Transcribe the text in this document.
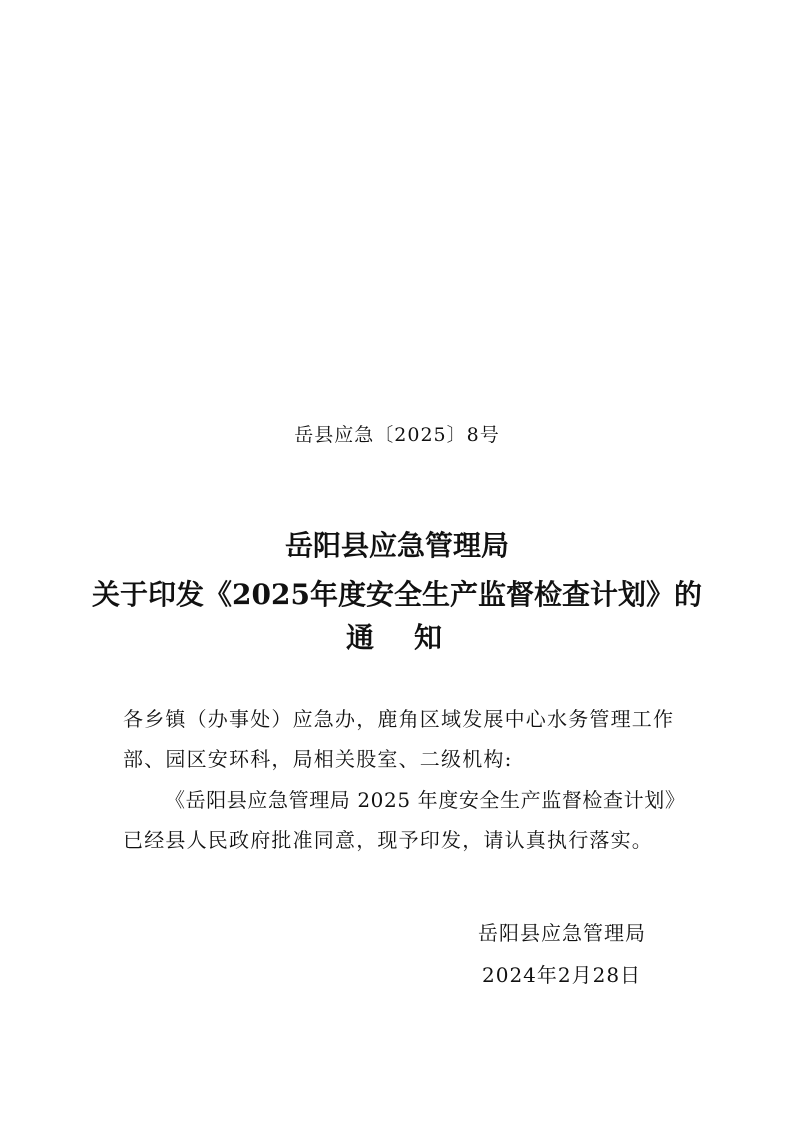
岳县应急〔2025〕8号
岳阳县应急管理局
关于印发《2025年度安全生产监督检查计划》的
通 知
各乡镇（办事处）应急办，鹿角区域发展中心水务管理工作
部、园区安环科，局相关股室、二级机构:
《岳阳县应急管理局 2025 年度安全生产监督检查计划》
已经县人民政府批准同意，现予印发，请认真执行落实。
岳阳县应急管理局
2024年2月28日
